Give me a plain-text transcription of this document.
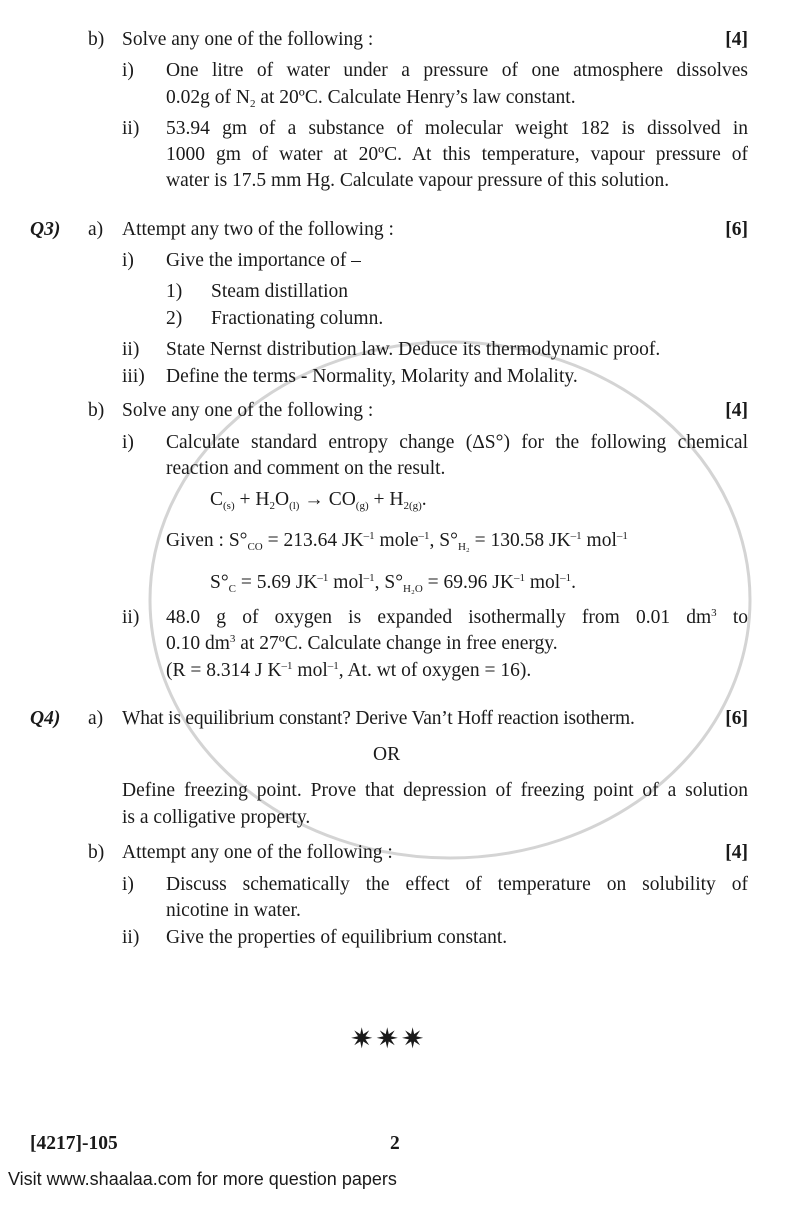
b) Solve any one of the following :	[4]
i) One litre of water under a pressure of one atmosphere dissolves
0.02g of $N_2$ at 20ºC. Calculate Henry’s law constant.
ii) 53.94 gm of a substance of molecular weight 182 is dissolved in
1000 gm of water at 20ºC. At this temperature, vapour pressure of
water is 17.5 mm Hg. Calculate vapour pressure of this solution.
Q3) a) Attempt any two of the following :	[6]
i) Give the importance of –
1) Steam distillation
2) Fractionating column.
ii) State Nernst distribution law. Deduce its thermodynamic proof.
iii) Define the terms - Normality, Molarity and Molality.
b) Solve any one of the following :	[4]
i) Calculate standard entropy change (ΔS°) for the following chemical
reaction and comment on the result.
$C_{(s)} + H_2O_{(l)} \to CO_{(g)} + H_{2(g)}$.
Given : $S^\circ_{CO} = 213.64$ $JK^{-1}$ mole$^{-1}$, $S^\circ_{H_2} = 130.58$ $JK^{-1}$ mol$^{-1}$
$S^\circ_C = 5.69$ $JK^{-1}$ mol$^{-1}$, $S^\circ_{H_2O} = 69.96$ $JK^{-1}$ mol$^{-1}$.
ii) 48.0 g of oxygen is expanded isothermally from 0.01 $dm^3$ to
0.10 $dm^3$ at 27ºC. Calculate change in free energy.
(R = 8.314 J $K^{-1}$ mol$^{-1}$, At. wt of oxygen = 16).
Q4) a) What is equilibrium constant? Derive Van’t Hoff reaction isotherm.	[6]
OR
Define freezing point. Prove that depression of freezing point of a solution
is a colligative property.
b) Attempt any one of the following :	[4]
i) Discuss schematically the effect of temperature on solubility of
nicotine in water.
ii) Give the properties of equilibrium constant.
✷✷✷
[4217]-105	2
Visit www.shaalaa.com for more question papers
